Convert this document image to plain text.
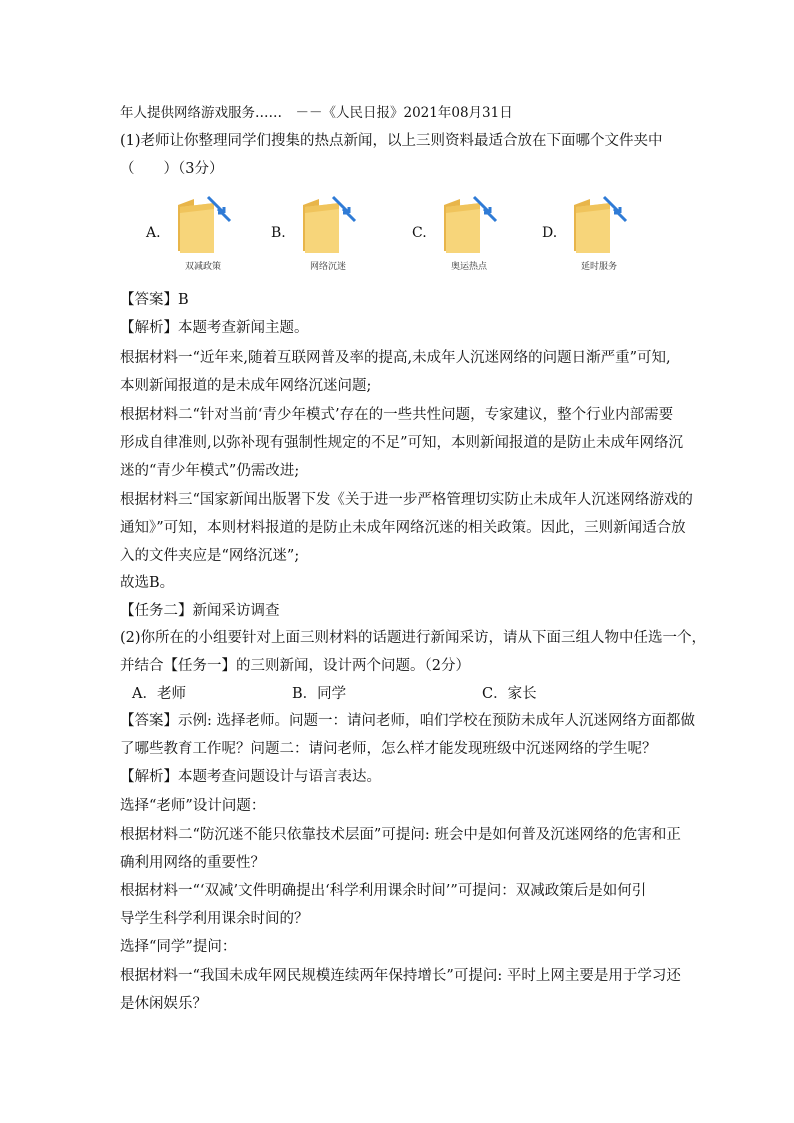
年人提供网络游戏服务……　－－《人民日报》2021年08月31日
(1)老师让你整理同学们搜集的热点新闻，以上三则资料最适合放在下面哪个文件夹中
（　　）（3分）
A.
双减政策
B.
网络沉迷
C.
奥运热点
D.
延时服务
【答案】B
【解析】本题考查新闻主题。
根据材料一“近年来,随着互联网普及率的提高,未成年人沉迷网络的问题日渐严重”可知,
本则新闻报道的是未成年网络沉迷问题;
根据材料二“针对当前‘青少年模式’存在的一些共性问题，专家建议，整个行业内部需要
形成自律准则,以弥补现有强制性规定的不足”可知，本则新闻报道的是防止未成年网络沉
迷的“青少年模式”仍需改进;
根据材料三“国家新闻出版署下发《关于进一步严格管理切实防止未成年人沉迷网络游戏的
通知》”可知，本则材料报道的是防止未成年网络沉迷的相关政策。因此，三则新闻适合放
入的文件夹应是“网络沉迷”;
故选B。
【任务二】新闻采访调查
(2)你所在的小组要针对上面三则材料的话题进行新闻采访，请从下面三组人物中任选一个，
并结合【任务一】的三则新闻，设计两个问题。（2分）
A．老师	B．同学	C．家长
【答案】示例: 选择老师。问题一：请问老师，咱们学校在预防未成年人沉迷网络方面都做
了哪些教育工作呢？问题二：请问老师，怎么样才能发现班级中沉迷网络的学生呢？
【解析】本题考查问题设计与语言表达。
选择“老师”设计问题：
根据材料二“防沉迷不能只依靠技术层面”可提问: 班会中是如何普及沉迷网络的危害和正
确利用网络的重要性？
根据材料一“‘双减’文件明确提出‘科学利用课余时间’”可提问：双减政策后是如何引
导学生科学利用课余时间的？
选择“同学”提问：
根据材料一“我国未成年网民规模连续两年保持增长”可提问: 平时上网主要是用于学习还
是休闲娱乐？
